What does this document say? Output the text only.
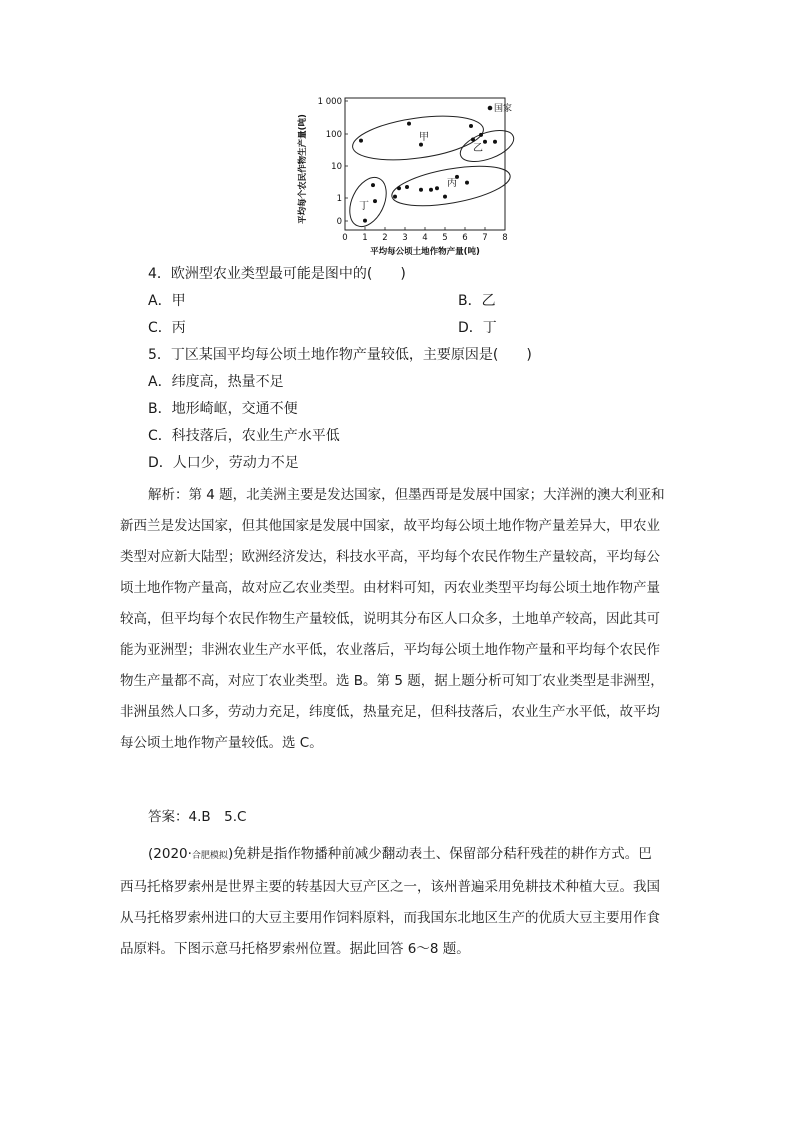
0 1 2 3 4 5 6 7 8
1 000
100
10
1
0
平均每公顷土地作物产量(吨)
平均每个农民作物生产量(吨)	甲
乙
丙
丁
国家
4．欧洲型农业类型最可能是图中的(　　)
A．甲	B．乙
C．丙	D．丁
5．丁区某国平均每公顷土地作物产量较低，主要原因是(　　)
A．纬度高，热量不足
B．地形崎岖，交通不便
C．科技落后，农业生产水平低
D．人口少，劳动力不足
解析：第 4 题，北美洲主要是发达国家，但墨西哥是发展中国家；大洋洲的澳大利亚和
新西兰是发达国家，但其他国家是发展中国家，故平均每公顷土地作物产量差异大，甲农业
类型对应新大陆型；欧洲经济发达，科技水平高，平均每个农民作物生产量较高，平均每公
顷土地作物产量高，故对应乙农业类型。由材料可知，丙农业类型平均每公顷土地作物产量
较高，但平均每个农民作物生产量较低，说明其分布区人口众多，土地单产较高，因此其可
能为亚洲型；非洲农业生产水平低，农业落后，平均每公顷土地作物产量和平均每个农民作
物生产量都不高，对应丁农业类型。选 B。第 5 题，据上题分析可知丁农业类型是非洲型，
非洲虽然人口多，劳动力充足，纬度低，热量充足，但科技落后，农业生产水平低，故平均
每公顷土地作物产量较低。选 C。
答案：4.B　5.C
(2020·合肥模拟)免耕是指作物播种前减少翻动表土、保留部分秸秆残茬的耕作方式。巴
西马托格罗索州是世界主要的转基因大豆产区之一，该州普遍采用免耕技术种植大豆。我国
从马托格罗索州进口的大豆主要用作饲料原料，而我国东北地区生产的优质大豆主要用作食
品原料。下图示意马托格罗索州位置。据此回答 6～8 题。
